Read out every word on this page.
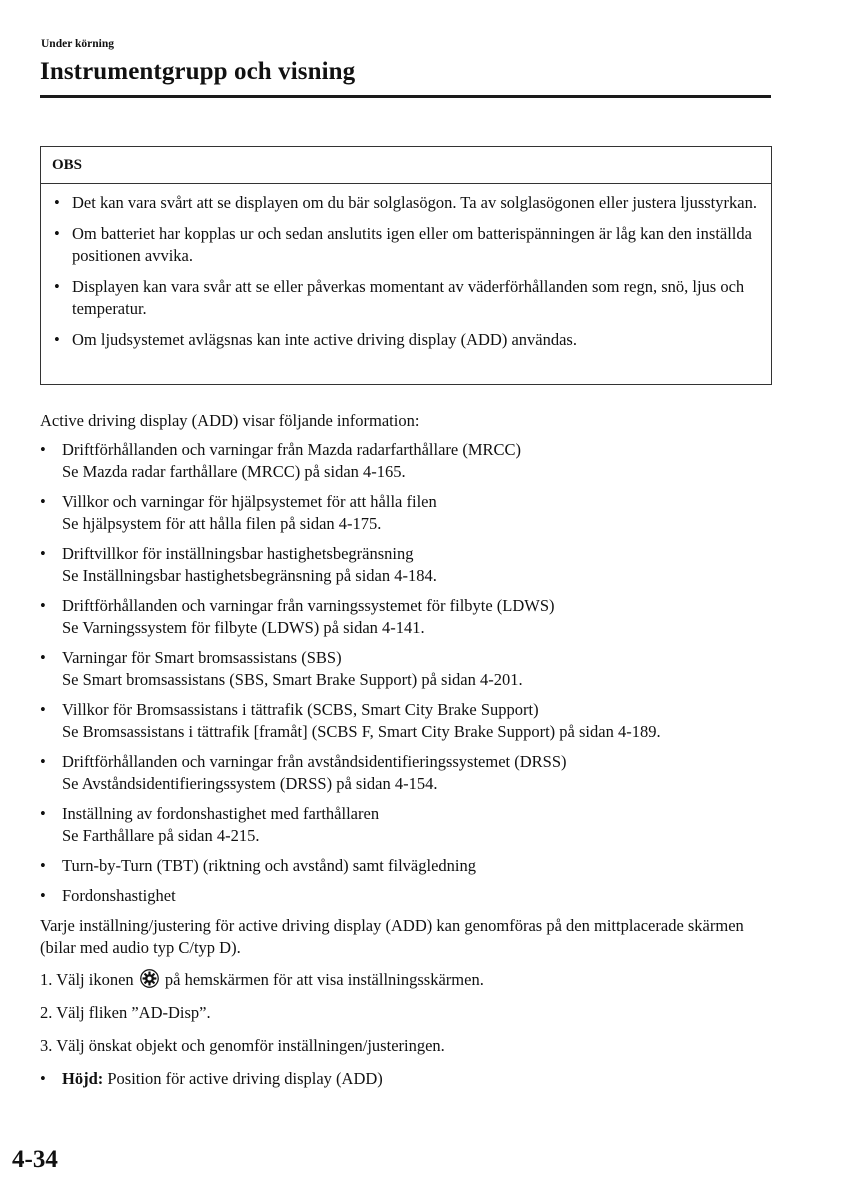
Under körning
Instrumentgrupp och visning
OBS
• Det kan vara svårt att se displayen om du bär solglasögon. Ta av solglasögonen eller justera ljusstyrkan.
• Om batteriet har kopplas ur och sedan anslutits igen eller om batterispänningen är låg kan den inställda positionen avvika.
• Displayen kan vara svår att se eller påverkas momentant av väderförhållanden som regn, snö, ljus och temperatur.
• Om ljudsystemet avlägsnas kan inte active driving display (ADD) användas.

Active driving display (ADD) visar följande information:

• Driftförhållanden och varningar från Mazda radarfarthållare (MRCC)
Se Mazda radar farthållare (MRCC) på sidan 4-165.
• Villkor och varningar för hjälpsystemet för att hålla filen
Se hjälpsystem för att hålla filen på sidan 4-175.
• Driftvillkor för inställningsbar hastighetsbegränsning
Se Inställningsbar hastighetsbegränsning på sidan 4-184.
• Driftförhållanden och varningar från varningssystemet för filbyte (LDWS)
Se Varningssystem för filbyte (LDWS) på sidan 4-141.
• Varningar för Smart bromsassistans (SBS)
Se Smart bromsassistans (SBS, Smart Brake Support) på sidan 4-201.
• Villkor för Bromsassistans i tättrafik (SCBS, Smart City Brake Support)
Se Bromsassistans i tättrafik [framåt] (SCBS F, Smart City Brake Support) på sidan 4-189.
• Driftförhållanden och varningar från avståndsidentifieringssystemet (DRSS)
Se Avståndsidentifieringssystem (DRSS) på sidan 4-154.
• Inställning av fordonshastighet med farthållaren
Se Farthållare på sidan 4-215.
• Turn-by-Turn (TBT) (riktning och avstånd) samt filvägledning
• Fordonshastighet

Varje inställning/justering för active driving display (ADD) kan genomföras på den mittplacerade skärmen (bilar med audio typ C/typ D).

1. Välj ikonen på hemskärmen för att visa inställningsskärmen.
2. Välj fliken ”AD-Disp”.
3. Välj önskat objekt och genomför inställningen/justeringen.
• Höjd: Position för active driving display (ADD)
4-34
